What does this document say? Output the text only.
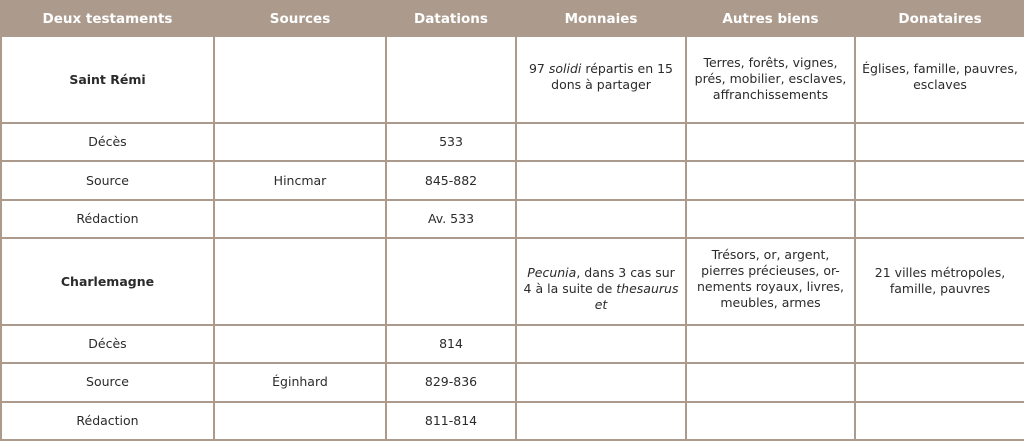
Deux testaments	Sources	Datations	Monnaies	Autres biens	Donataires
Saint Rémi			97 solidi répartis en 15 dons à partager	Terres, forêts, vignes, prés, mobilier, esclaves, affranchissements	Églises, famille, pauvres, esclaves
Décès		533			
Source	Hincmar	845-882			
Rédaction		Av. 533			
Charlemagne			Pecunia, dans 3 cas sur 4 à la suite de thesaurus et	Trésors, or, argent, pierres précieuses, or-nements royaux, livres, meubles, armes	21 villes métropoles, famille, pauvres
Décès		814			
Source	Éginhard	829-836			
Rédaction		811-814			
